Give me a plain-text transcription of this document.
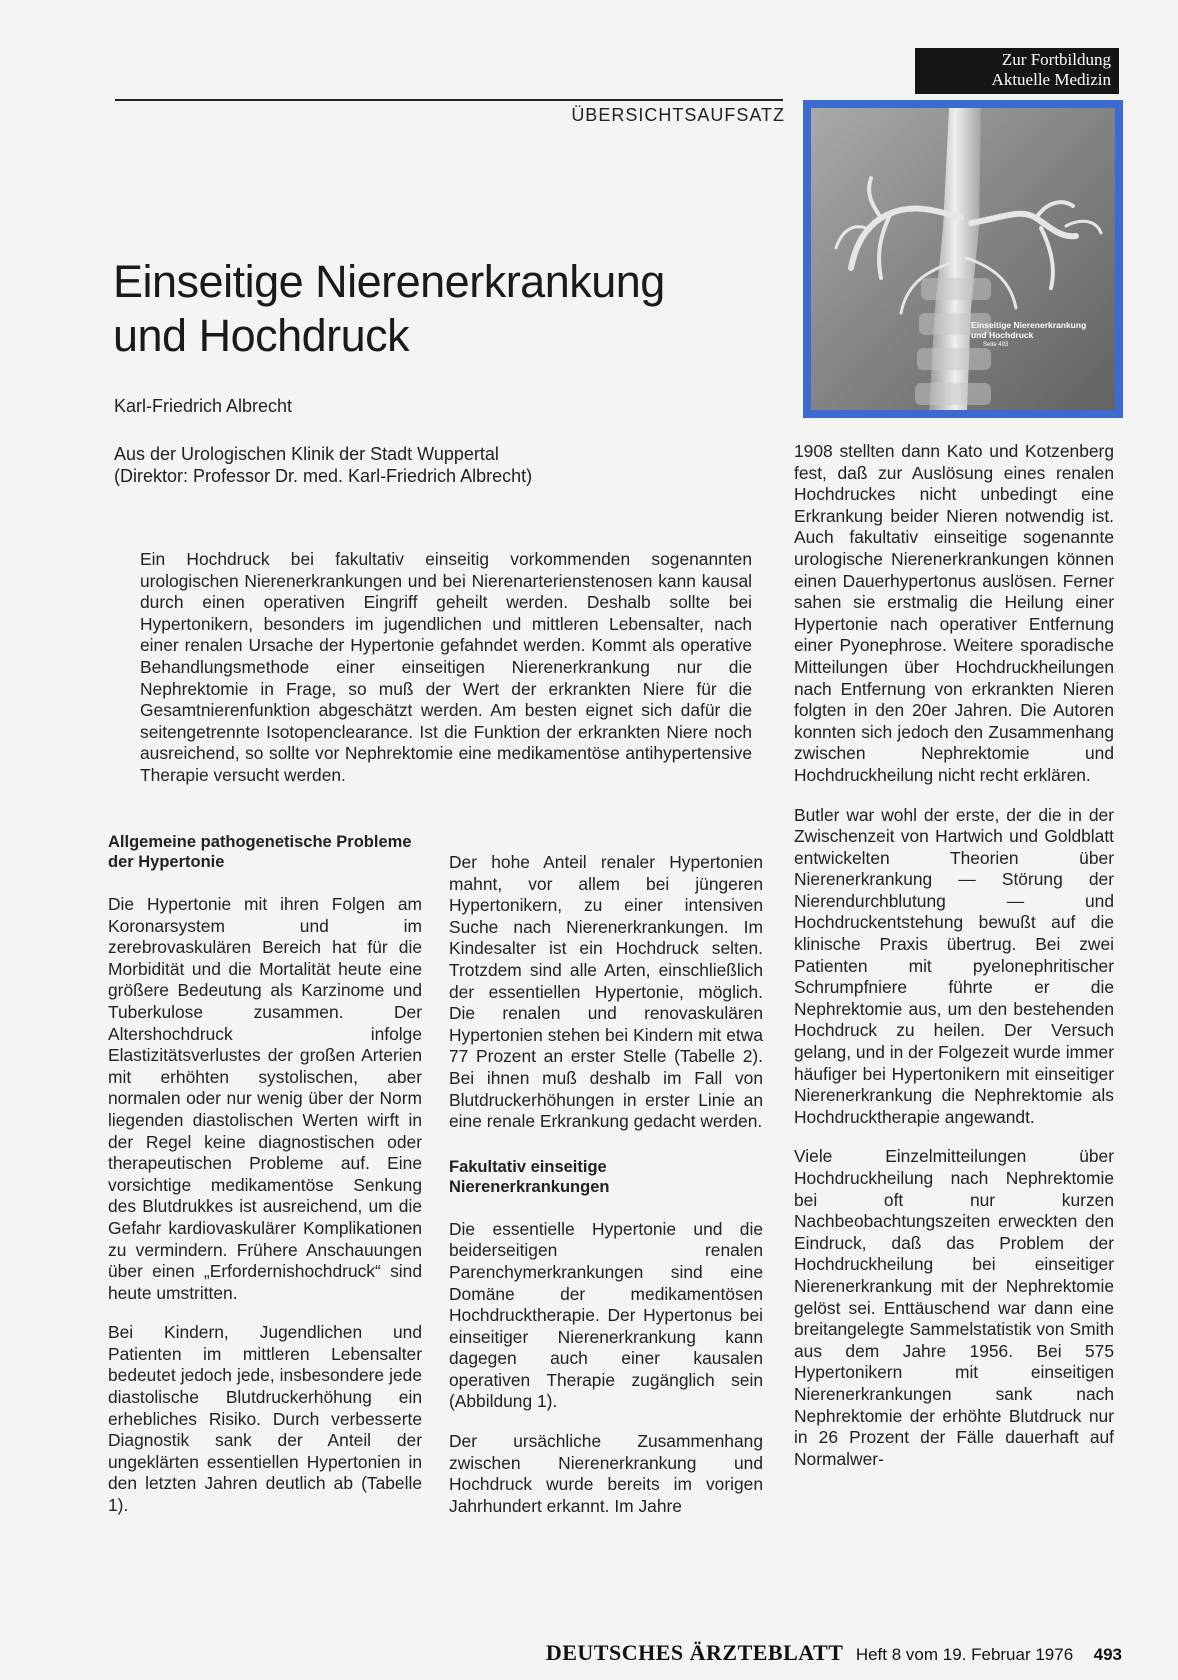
Zur Fortbildung
Aktuelle Medizin
ÜBERSICHTSAUFSATZ
Einseitige Nierenerkrankung
und Hochdruck
Karl-Friedrich Albrecht
Aus der Urologischen Klinik der Stadt Wuppertal
(Direktor: Professor Dr. med. Karl-Friedrich Albrecht)
Ein Hochdruck bei fakultativ einseitig vorkommenden sogenannten urologischen Nierenerkrankungen und bei Nierenarterienstenosen kann kausal durch einen operativen Eingriff geheilt werden. Deshalb sollte bei Hypertonikern, besonders im jugendlichen und mittleren Lebensalter, nach einer renalen Ursache der Hypertonie gefahndet werden. Kommt als operative Behandlungsmethode einer einseitigen Nierenerkrankung nur die Nephrektomie in Frage, so muß der Wert der erkrankten Niere für die Gesamtnierenfunktion abgeschätzt werden. Am besten eignet sich dafür die seitengetrennte Isotopenclearance. Ist die Funktion der erkrankten Niere noch ausreichend, so sollte vor Nephrektomie eine medikamentöse antihypertensive Therapie versucht werden.
Einseitige Nierenerkrankung
und Hochdruck
Seite 493
Allgemeine pathogenetische Probleme der Hypertonie

Die Hypertonie mit ihren Folgen am Koronarsystem und im zerebrovaskulären Bereich hat für die Morbidität und die Mortalität heute eine größere Bedeutung als Karzinome und Tuberkulose zusammen. Der Altershochdruck infolge Elastizitätsverlustes der großen Arterien mit erhöhten systolischen, aber normalen oder nur wenig über der Norm liegenden diastolischen Werten wirft in der Regel keine diagnostischen oder therapeutischen Probleme auf. Eine vorsichtige medikamentöse Senkung des Blutdrukkes ist ausreichend, um die Gefahr kardiovaskulärer Komplikationen zu vermindern. Frühere Anschauungen über einen „Erfordernishochdruck“ sind heute umstritten.

Bei Kindern, Jugendlichen und Patienten im mittleren Lebensalter bedeutet jedoch jede, insbesondere jede diastolische Blutdruckerhöhung ein erhebliches Risiko. Durch verbesserte Diagnostik sank der Anteil der ungeklärten essentiellen Hypertonien in den letzten Jahren deutlich ab (Tabelle 1).

Der hohe Anteil renaler Hypertonien mahnt, vor allem bei jüngeren Hypertonikern, zu einer intensiven Suche nach Nierenerkrankungen. Im Kindesalter ist ein Hochdruck selten. Trotzdem sind alle Arten, einschließlich der essentiellen Hypertonie, möglich. Die renalen und renovaskulären Hypertonien stehen bei Kindern mit etwa 77 Prozent an erster Stelle (Tabelle 2). Bei ihnen muß deshalb im Fall von Blutdruckerhöhungen in erster Linie an eine renale Erkrankung gedacht werden.

Fakultativ einseitige Nierenerkrankungen

Die essentielle Hypertonie und die beiderseitigen renalen Parenchymerkrankungen sind eine Domäne der medikamentösen Hochdrucktherapie. Der Hypertonus bei einseitiger Nierenerkrankung kann dagegen auch einer kausalen operativen Therapie zugänglich sein (Abbildung 1).

Der ursächliche Zusammenhang zwischen Nierenerkrankung und Hochdruck wurde bereits im vorigen Jahrhundert erkannt. Im Jahre

1908 stellten dann Kato und Kotzenberg fest, daß zur Auslösung eines renalen Hochdruckes nicht unbedingt eine Erkrankung beider Nieren notwendig ist. Auch fakultativ einseitige sogenannte urologische Nierenerkrankungen können einen Dauerhypertonus auslösen. Ferner sahen sie erstmalig die Heilung einer Hypertonie nach operativer Entfernung einer Pyonephrose. Weitere sporadische Mitteilungen über Hochdruckheilungen nach Entfernung von erkrankten Nieren folgten in den 20er Jahren. Die Autoren konnten sich jedoch den Zusammenhang zwischen Nephrektomie und Hochdruckheilung nicht recht erklären.

Butler war wohl der erste, der die in der Zwischenzeit von Hartwich und Goldblatt entwickelten Theorien über Nierenerkrankung — Störung der Nierendurchblutung — und Hochdruckentstehung bewußt auf die klinische Praxis übertrug. Bei zwei Patienten mit pyelonephritischer Schrumpfniere führte er die Nephrektomie aus, um den bestehenden Hochdruck zu heilen. Der Versuch gelang, und in der Folgezeit wurde immer häufiger bei Hypertonikern mit einseitiger Nierenerkrankung die Nephrektomie als Hochdrucktherapie angewandt.

Viele Einzelmitteilungen über Hochdruckheilung nach Nephrektomie bei oft nur kurzen Nachbeobachtungszeiten erweckten den Eindruck, daß das Problem der Hochdruckheilung bei einseitiger Nierenerkrankung mit der Nephrektomie gelöst sei. Enttäuschend war dann eine breitangelegte Sammelstatistik von Smith aus dem Jahre 1956. Bei 575 Hypertonikern mit einseitigen Nierenerkrankungen sank nach Nephrektomie der erhöhte Blutdruck nur in 26 Prozent der Fälle dauerhaft auf Normalwer-

DEUTSCHES ÄRZTEBLATT Heft 8 vom 19. Februar 1976 493
